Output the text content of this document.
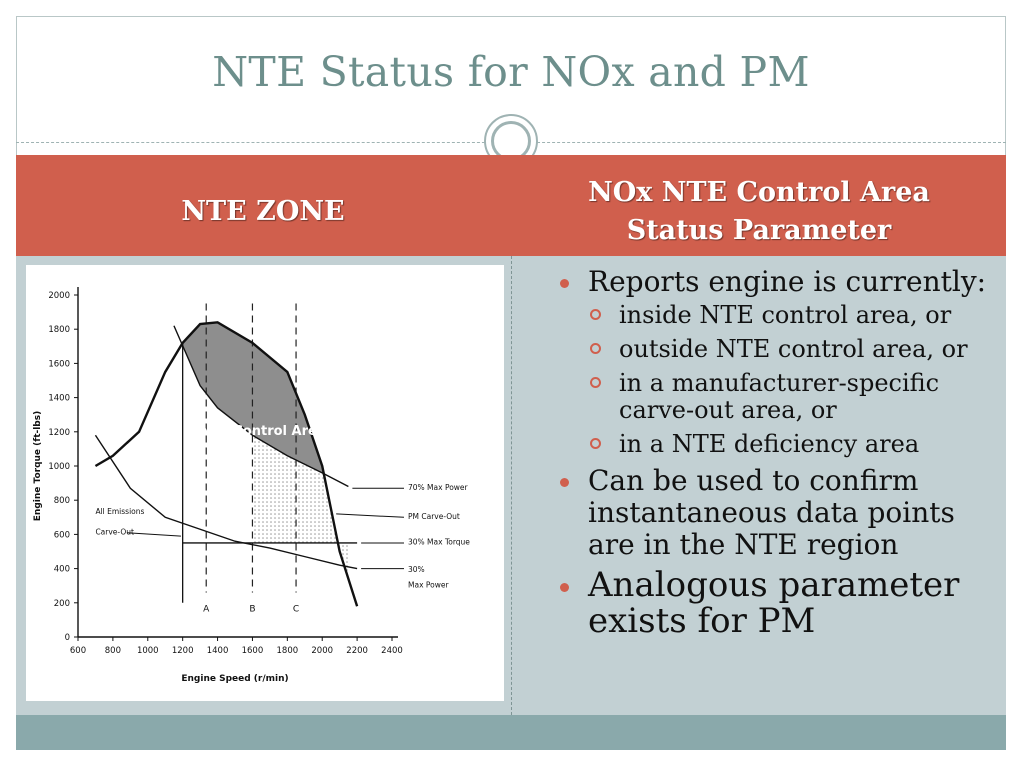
NTE Status for NOx and PM
NTE ZONE
NOx NTE Control Area
Status Parameter
0
200
400
600
800
1000
1200
1400
1600
1800
2000
600 800 1000 1200 1400 1600 1800 2000 2200 2400
Engine Speed (r/min)
Engine Torque (ft-lbs)
A	B	C
NTE Control Area
70% Max Power
PM Carve-Out
30% Max Torque
30%
Max Power
All Emissions
Carve-Out
Reports engine is currently:
inside NTE control area, or
outside NTE control area, or
in a manufacturer-specific carve-out area, or
in a NTE deficiency area
Can be used to confirm instantaneous data points are in the NTE region
Analogous parameter exists for PM
